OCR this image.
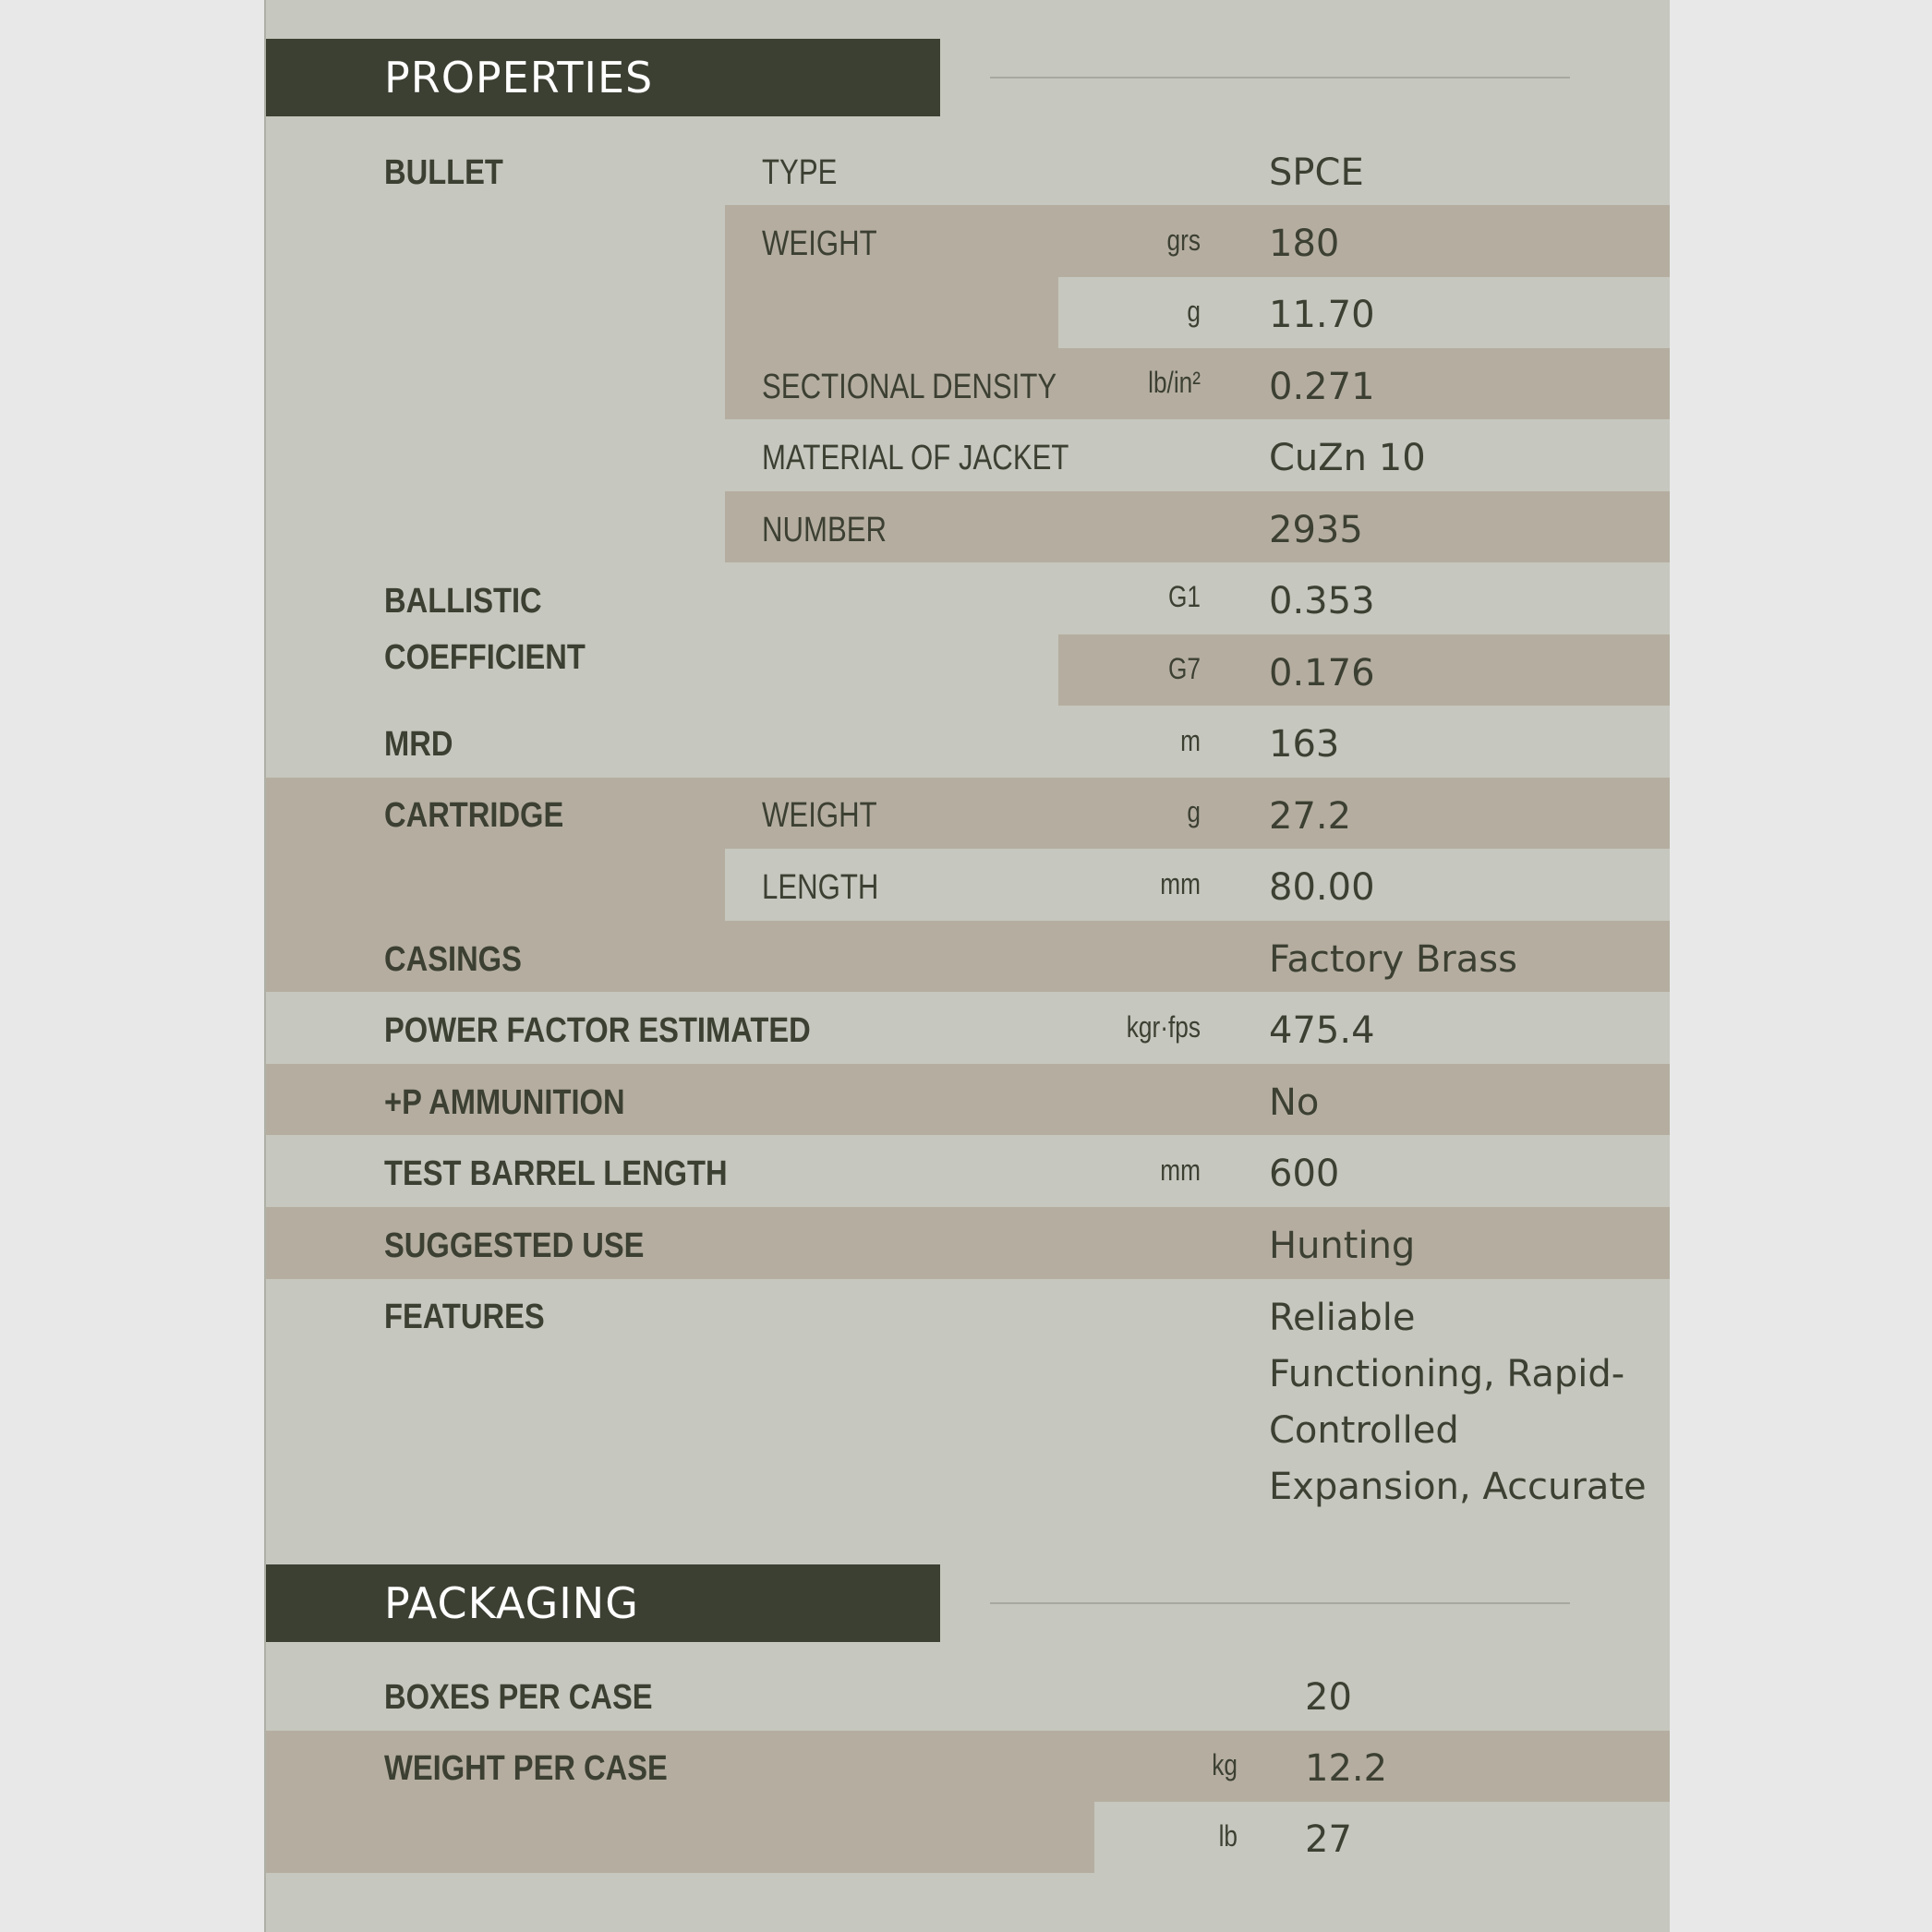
PROPERTIES
BULLET	TYPE	SPCE
WEIGHT	grs 180
g 11.70
SECTIONAL DENSITY	lb/in² 0.271
MATERIAL OF JACKET	CuZn 10
NUMBER	2935
BALLISTIC
COEFFICIENT
G1 0.353
G7 0.176
MRD	m 163
CARTRIDGE	WEIGHT	g 27.2
LENGTH	mm 80.00
CASINGS	Factory Brass
POWER FACTOR ESTIMATED	kgr·fps 475.4
+P AMMUNITION	No
TEST BARREL LENGTH	mm 600
SUGGESTED USE	Hunting
FEATURES	Reliable
Functioning, Rapid-
Controlled
Expansion, Accurate
PACKAGING
BOXES PER CASE	20
WEIGHT PER CASE	kg 12.2
lb 27
